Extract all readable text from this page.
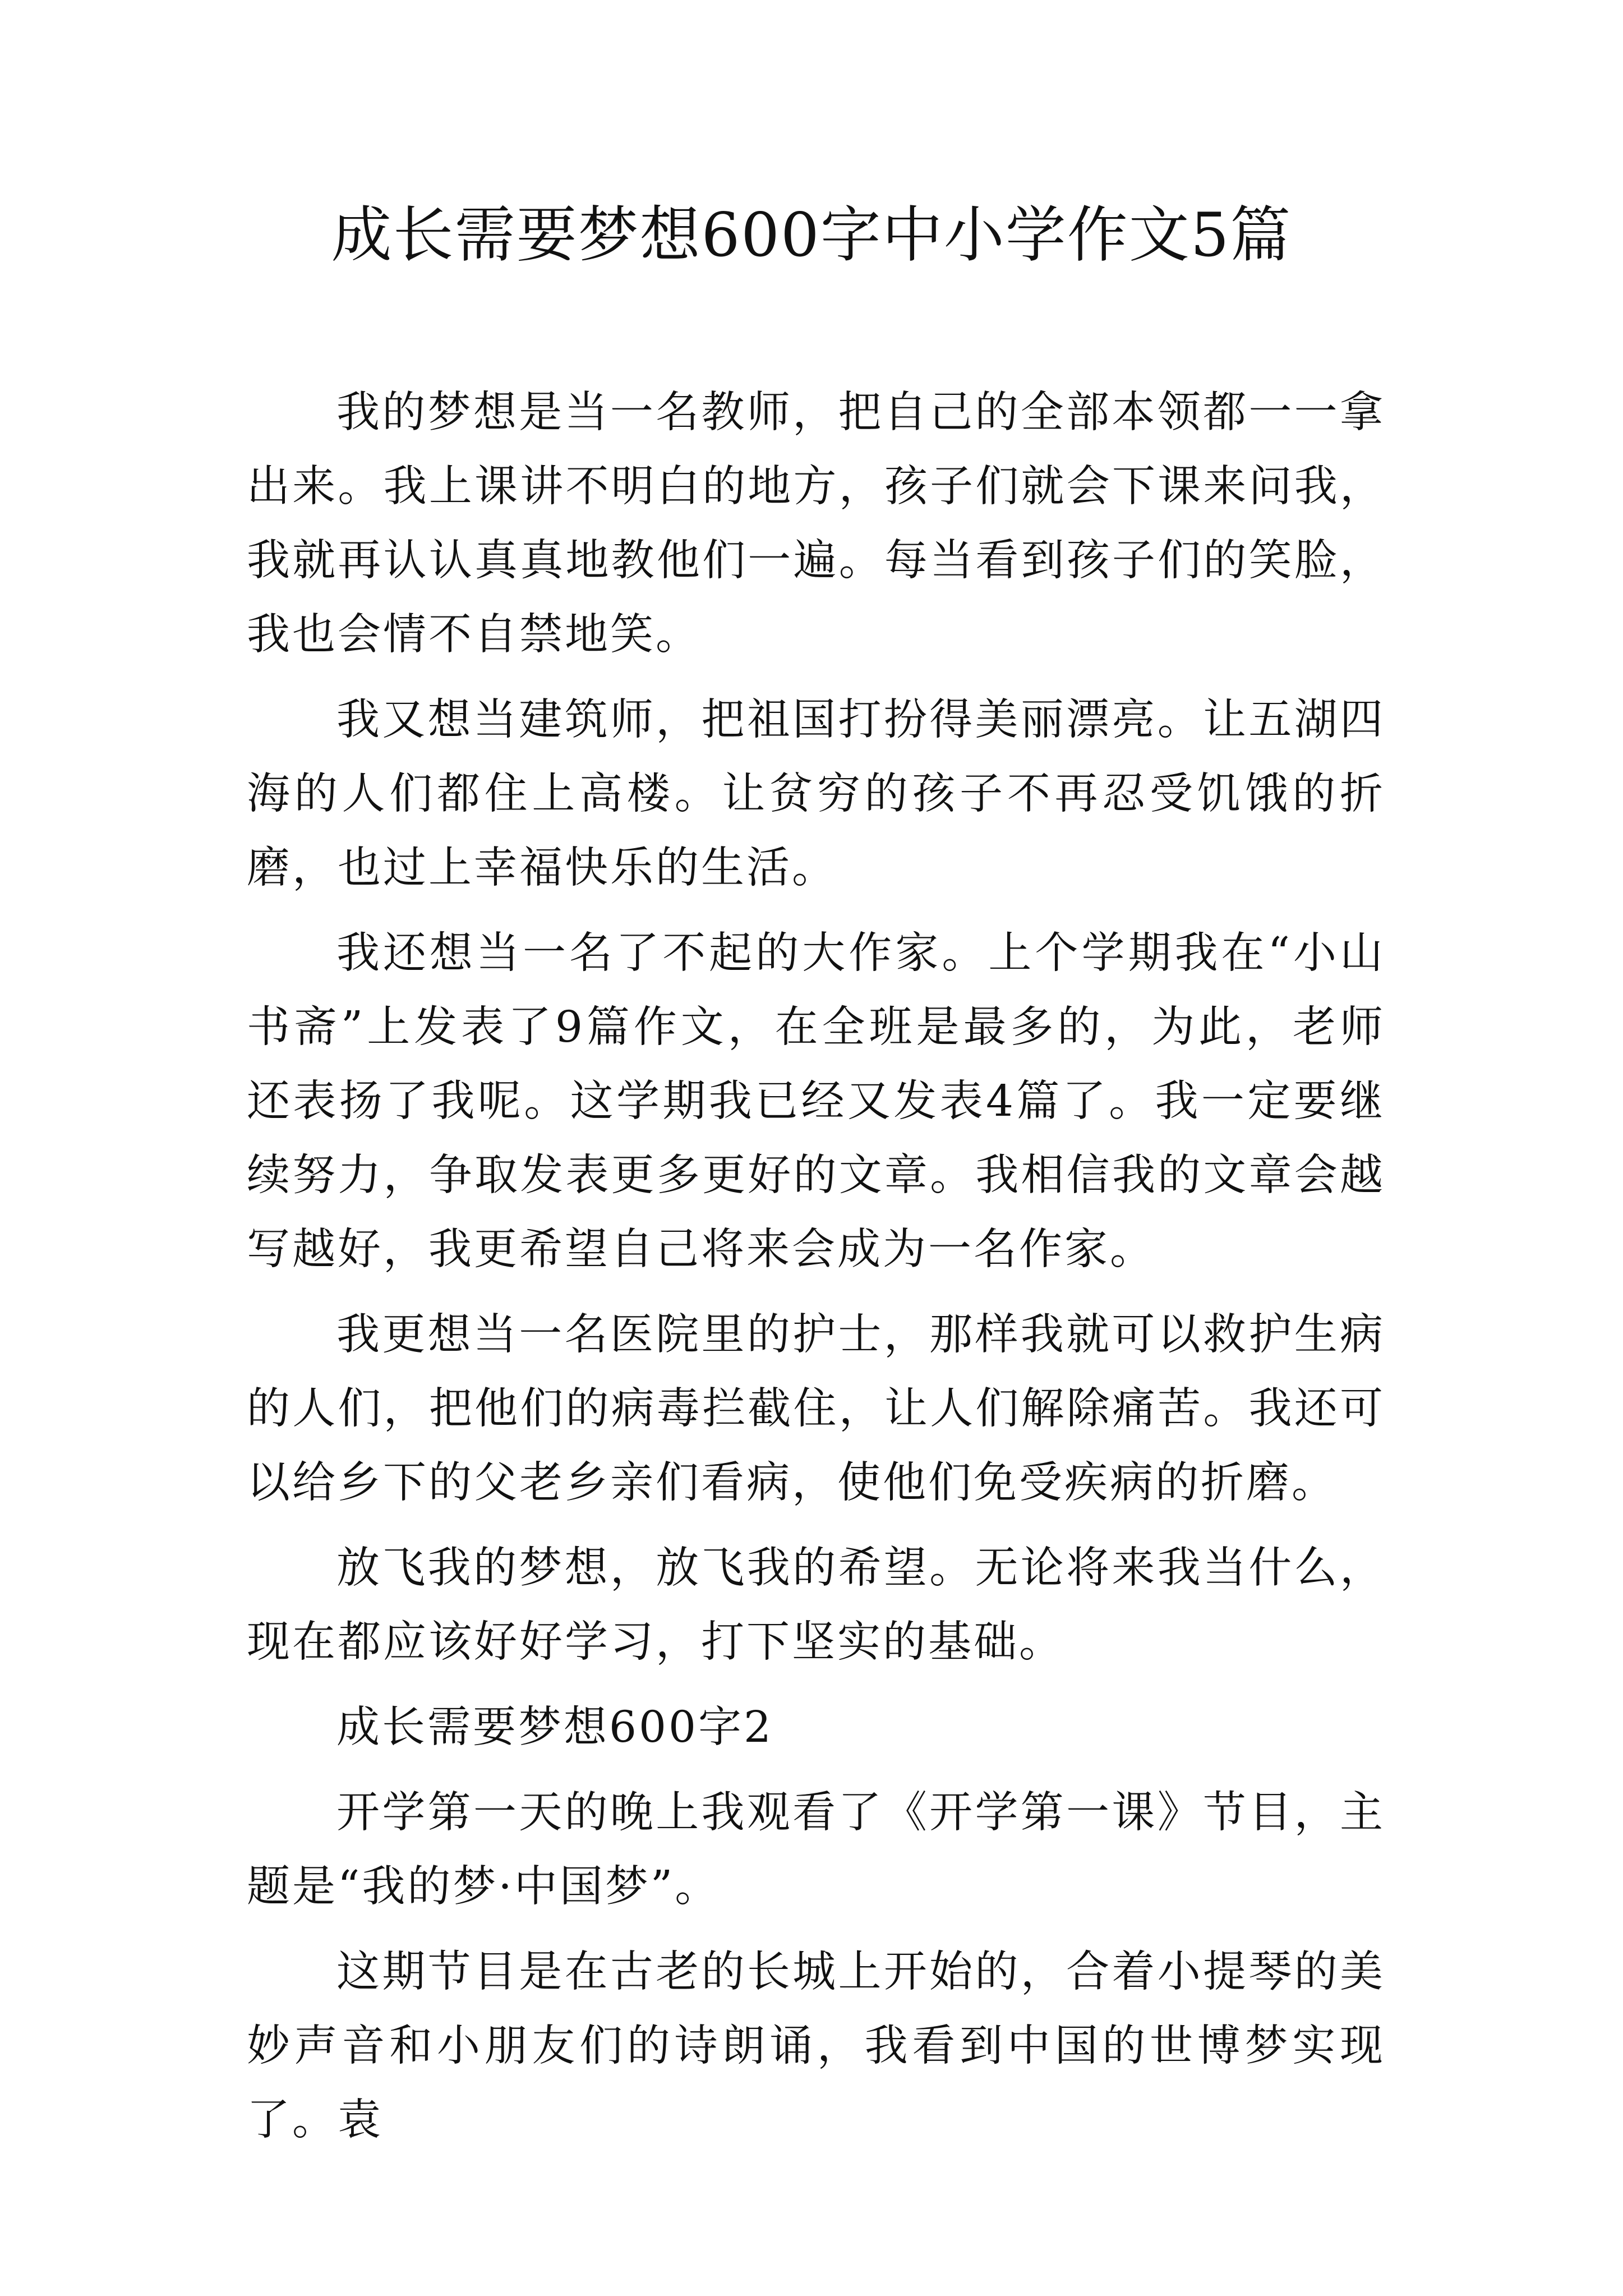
成长需要梦想600字中小学作文5篇

我的梦想是当一名教师，把自己的全部本领都一一拿出来。我上课讲不明白的地方，孩子们就会下课来问我，我就再认认真真地教他们一遍。每当看到孩子们的笑脸，我也会情不自禁地笑。

我又想当建筑师，把祖国打扮得美丽漂亮。让五湖四海的人们都住上高楼。让贫穷的孩子不再忍受饥饿的折磨，也过上幸福快乐的生活。

我还想当一名了不起的大作家。上个学期我在“小山书斋”上发表了9篇作文，在全班是最多的，为此，老师还表扬了我呢。这学期我已经又发表4篇了。我一定要继续努力，争取发表更多更好的文章。我相信我的文章会越写越好，我更希望自己将来会成为一名作家。

我更想当一名医院里的护士，那样我就可以救护生病的人们，把他们的病毒拦截住，让人们解除痛苦。我还可以给乡下的父老乡亲们看病，使他们免受疾病的折磨。

放飞我的梦想，放飞我的希望。无论将来我当什么，现在都应该好好学习，打下坚实的基础。

成长需要梦想600字2

开学第一天的晚上我观看了《开学第一课》节目，主题是“我的梦·中国梦”。

这期节目是在古老的长城上开始的，合着小提琴的美妙声音和小朋友们的诗朗诵，我看到中国的世博梦实现了。袁
